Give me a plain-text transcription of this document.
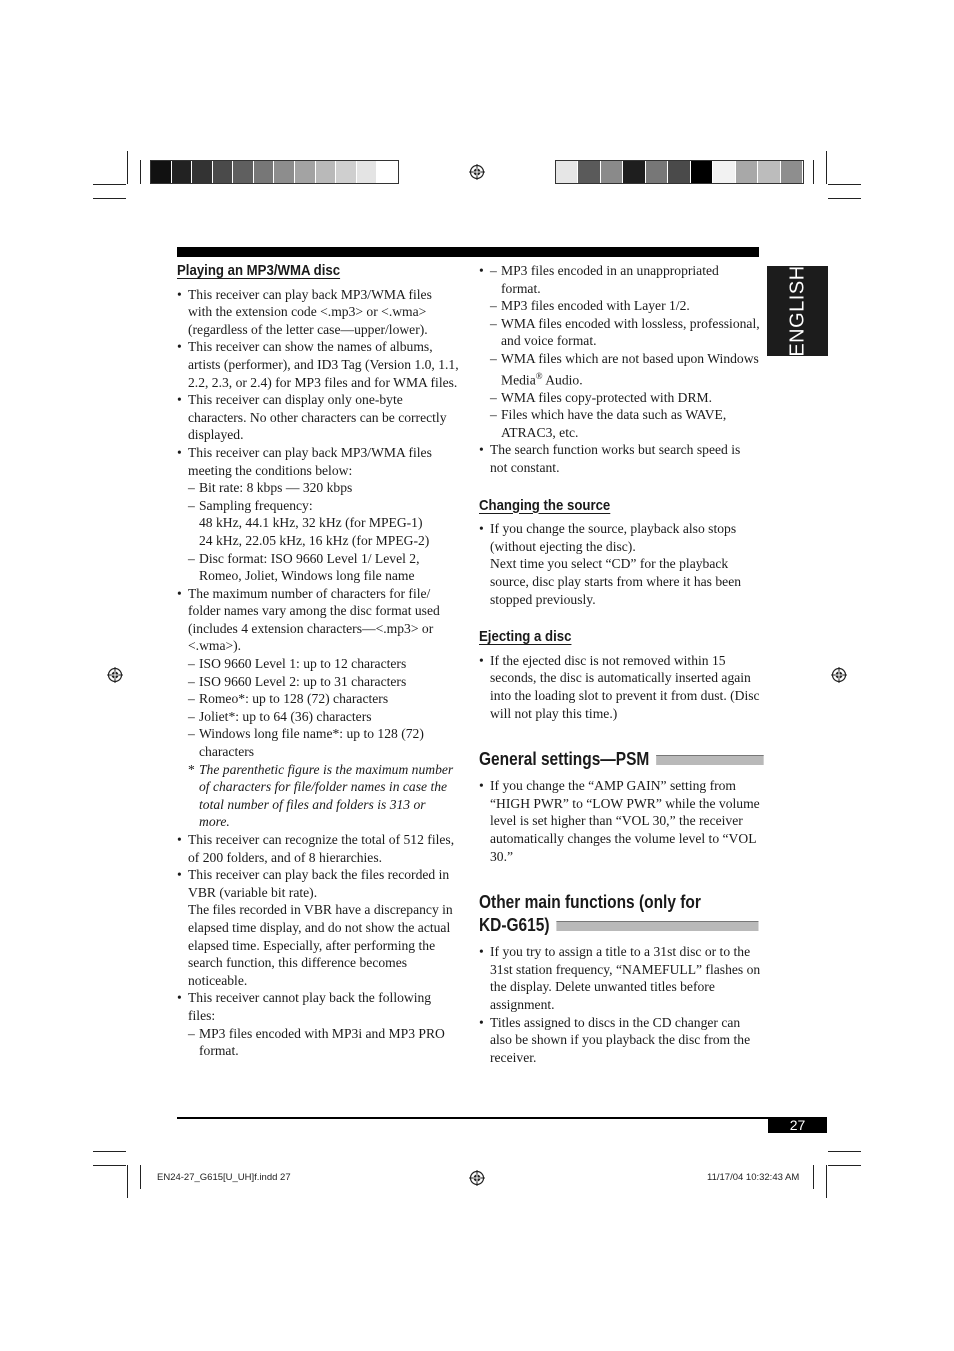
ENGLISH
Playing an MP3/WMA disc
• This receiver can play back MP3/WMA files with the extension code <.mp3> or <.wma> (regardless of the letter case—upper/lower).
• This receiver can show the names of albums, artists (performer), and ID3 Tag (Version 1.0, 1.1, 2.2, 2.3, or 2.4) for MP3 files and for WMA files.
• This receiver can display only one-byte characters. No other characters can be correctly displayed.
• This receiver can play back MP3/WMA files meeting the conditions below:
– Bit rate: 8 kbps — 320 kbps
– Sampling frequency:
48 kHz, 44.1 kHz, 32 kHz (for MPEG-1)
24 kHz, 22.05 kHz, 16 kHz (for MPEG-2)
– Disc format: ISO 9660 Level 1/ Level 2, Romeo, Joliet, Windows long file name
• The maximum number of characters for file/ folder names vary among the disc format used (includes 4 extension characters—<.mp3> or <.wma>).
– ISO 9660 Level 1: up to 12 characters
– ISO 9660 Level 2: up to 31 characters
– Romeo*: up to 128 (72) characters
– Joliet*: up to 64 (36) characters
– Windows long file name*: up to 128 (72) characters
* The parenthetic figure is the maximum number of characters for file/folder names in case the total number of files and folders is 313 or more.
• This receiver can recognize the total of 512 files, of 200 folders, and of 8 hierarchies.
• This receiver can play back the files recorded in VBR (variable bit rate).
The files recorded in VBR have a discrepancy in elapsed time display, and do not show the actual elapsed time. Especially, after performing the search function, this difference becomes noticeable.
• This receiver cannot play back the following files:
– MP3 files encoded with MP3i and MP3 PRO format.
– • MP3 files encoded in an unappropriated format.
– MP3 files encoded with Layer 1/2.
– WMA files encoded with lossless, professional, and voice format.
– WMA files which are not based upon Windows Media® Audio.
– WMA files copy-protected with DRM.
– Files which have the data such as WAVE, ATRAC3, etc.
• The search function works but search speed is not constant.
Changing the source
• If you change the source, playback also stops (without ejecting the disc).
Next time you select “CD” for the playback source, disc play starts from where it has been stopped previously.
Ejecting a disc
• If the ejected disc is not removed within 15 seconds, the disc is automatically inserted again into the loading slot to prevent it from dust. (Disc will not play this time.)
General settings—PSM
• If you change the “AMP GAIN” setting from “HIGH PWR” to “LOW PWR” while the volume level is set higher than “VOL 30,” the receiver automatically changes the volume level to “VOL 30.”
Other main functions (only for
KD-G615)
• If you try to assign a title to a 31st disc or to the 31st station frequency, “NAMEFULL” flashes on the display. Delete unwanted titles before assignment.
• Titles assigned to discs in the CD changer can also be shown if you playback the disc from the receiver.
27
EN24-27_G615[U_UH]f.indd 27	11/17/04 10:32:43 AM
